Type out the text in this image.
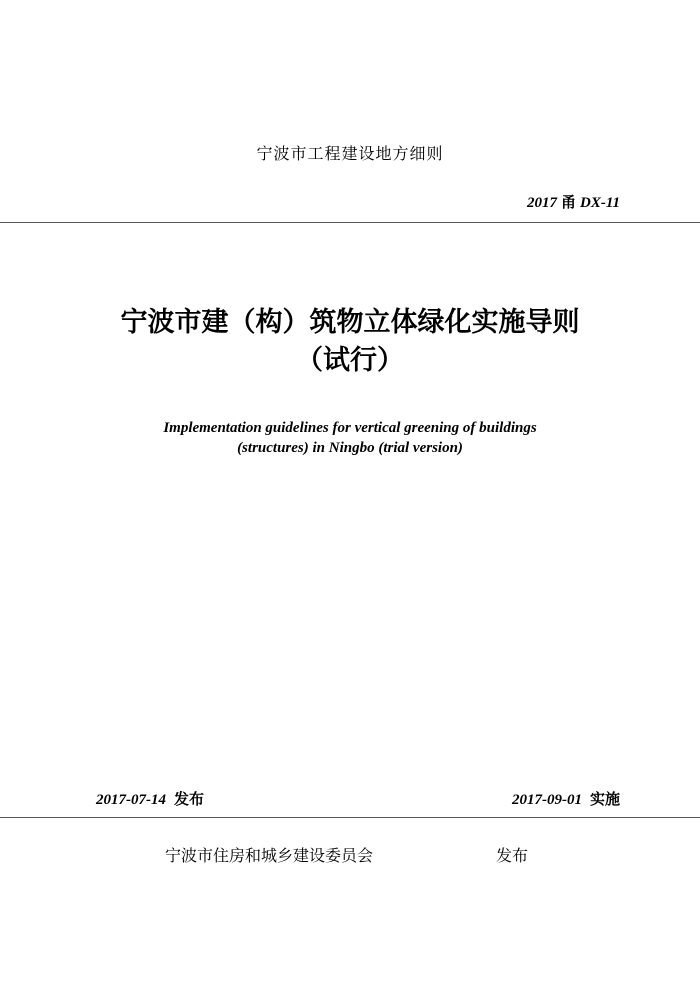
宁波市工程建设地方细则
2017 甬 DX-11
宁波市建（构）筑物立体绿化实施导则
（试行）
Implementation guidelines for vertical greening of buildings
(structures) in Ningbo (trial version)
2017-07-14 发布	2017-09-01 实施
宁波市住房和城乡建设委员会	发布
